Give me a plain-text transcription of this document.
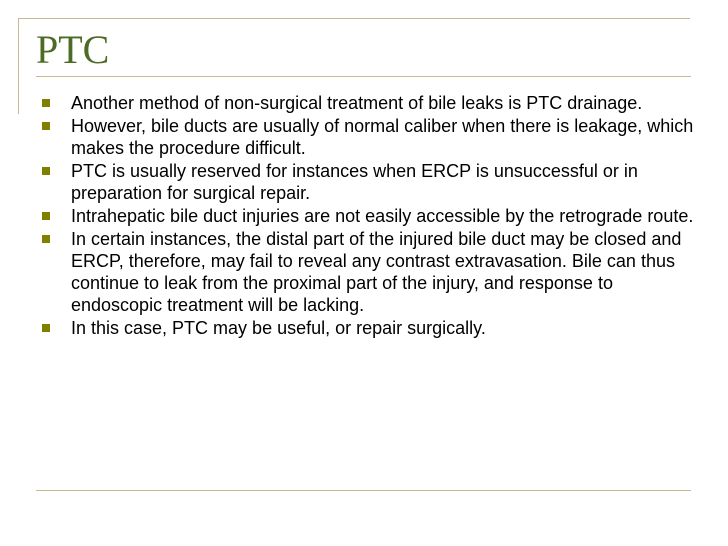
PTC
Another method of non-surgical treatment of bile leaks is PTC drainage.
However, bile ducts are usually of normal caliber when there is leakage, which makes the procedure difficult.
PTC is usually reserved for instances when ERCP is unsuccessful or in preparation for surgical repair.
Intrahepatic bile duct injuries are not easily accessible by the retrograde route.
In certain instances, the distal part of the injured bile duct may be closed and ERCP, therefore, may fail to reveal any contrast extravasation. Bile can thus continue to leak from the proximal part of the injury, and response to endoscopic treatment will be lacking.
In this case, PTC may be useful, or repair surgically.
